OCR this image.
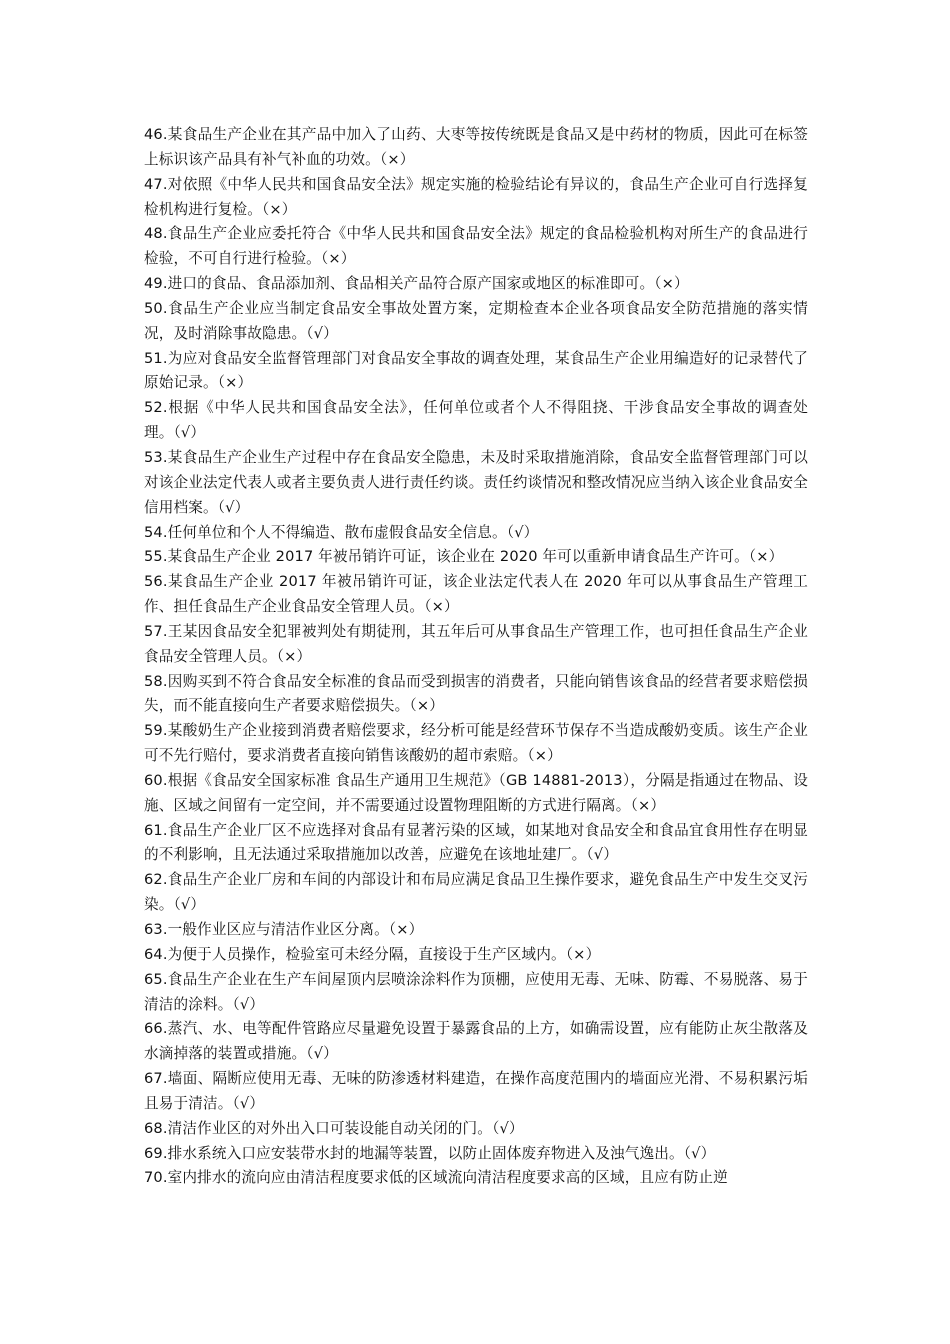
46.某食品生产企业在其产品中加入了山药、大枣等按传统既是食品又是中药材的物质，因此可在标签上标识该产品具有补气补血的功效。（×）

47.对依照《中华人民共和国食品安全法》规定实施的检验结论有异议的，食品生产企业可自行选择复检机构进行复检。（×）

48.食品生产企业应委托符合《中华人民共和国食品安全法》规定的食品检验机构对所生产的食品进行检验，不可自行进行检验。（×）

49.进口的食品、食品添加剂、食品相关产品符合原产国家或地区的标准即可。（×）

50.食品生产企业应当制定食品安全事故处置方案，定期检查本企业各项食品安全防范措施的落实情况，及时消除事故隐患。（√）

51.为应对食品安全监督管理部门对食品安全事故的调查处理，某食品生产企业用编造好的记录替代了原始记录。（×）

52.根据《中华人民共和国食品安全法》，任何单位或者个人不得阻挠、干涉食品安全事故的调查处理。（√）

53.某食品生产企业生产过程中存在食品安全隐患，未及时采取措施消除，食品安全监督管理部门可以对该企业法定代表人或者主要负责人进行责任约谈。责任约谈情况和整改情况应当纳入该企业食品安全信用档案。（√）

54.任何单位和个人不得编造、散布虚假食品安全信息。（√）

55.某食品生产企业 2017 年被吊销许可证，该企业在 2020 年可以重新申请食品生产许可。（×）

56.某食品生产企业 2017 年被吊销许可证，该企业法定代表人在 2020 年可以从事食品生产管理工作、担任食品生产企业食品安全管理人员。（×）

57.王某因食品安全犯罪被判处有期徒刑，其五年后可从事食品生产管理工作，也可担任食品生产企业食品安全管理人员。（×）

58.因购买到不符合食品安全标准的食品而受到损害的消费者，只能向销售该食品的经营者要求赔偿损失，而不能直接向生产者要求赔偿损失。（×）

59.某酸奶生产企业接到消费者赔偿要求，经分析可能是经营环节保存不当造成酸奶变质。该生产企业可不先行赔付，要求消费者直接向销售该酸奶的超市索赔。（×）

60.根据《食品安全国家标准 食品生产通用卫生规范》（GB 14881-2013），分隔是指通过在物品、设施、区域之间留有一定空间，并不需要通过设置物理阻断的方式进行隔离。（×）

61.食品生产企业厂区不应选择对食品有显著污染的区域，如某地对食品安全和食品宜食用性存在明显的不利影响，且无法通过采取措施加以改善，应避免在该地址建厂。（√）

62.食品生产企业厂房和车间的内部设计和布局应满足食品卫生操作要求，避免食品生产中发生交叉污染。（√）

63.一般作业区应与清洁作业区分离。（×）

64.为便于人员操作，检验室可未经分隔，直接设于生产区域内。（×）

65.食品生产企业在生产车间屋顶内层喷涂涂料作为顶棚，应使用无毒、无味、防霉、不易脱落、易于清洁的涂料。（√）

66.蒸汽、水、电等配件管路应尽量避免设置于暴露食品的上方，如确需设置，应有能防止灰尘散落及水滴掉落的装置或措施。（√）

67.墙面、隔断应使用无毒、无味的防渗透材料建造，在操作高度范围内的墙面应光滑、不易积累污垢且易于清洁。（√）

68.清洁作业区的对外出入口可装设能自动关闭的门。（√）

69.排水系统入口应安装带水封的地漏等装置，以防止固体废弃物进入及浊气逸出。（√）

70.室内排水的流向应由清洁程度要求低的区域流向清洁程度要求高的区域，且应有防止逆
